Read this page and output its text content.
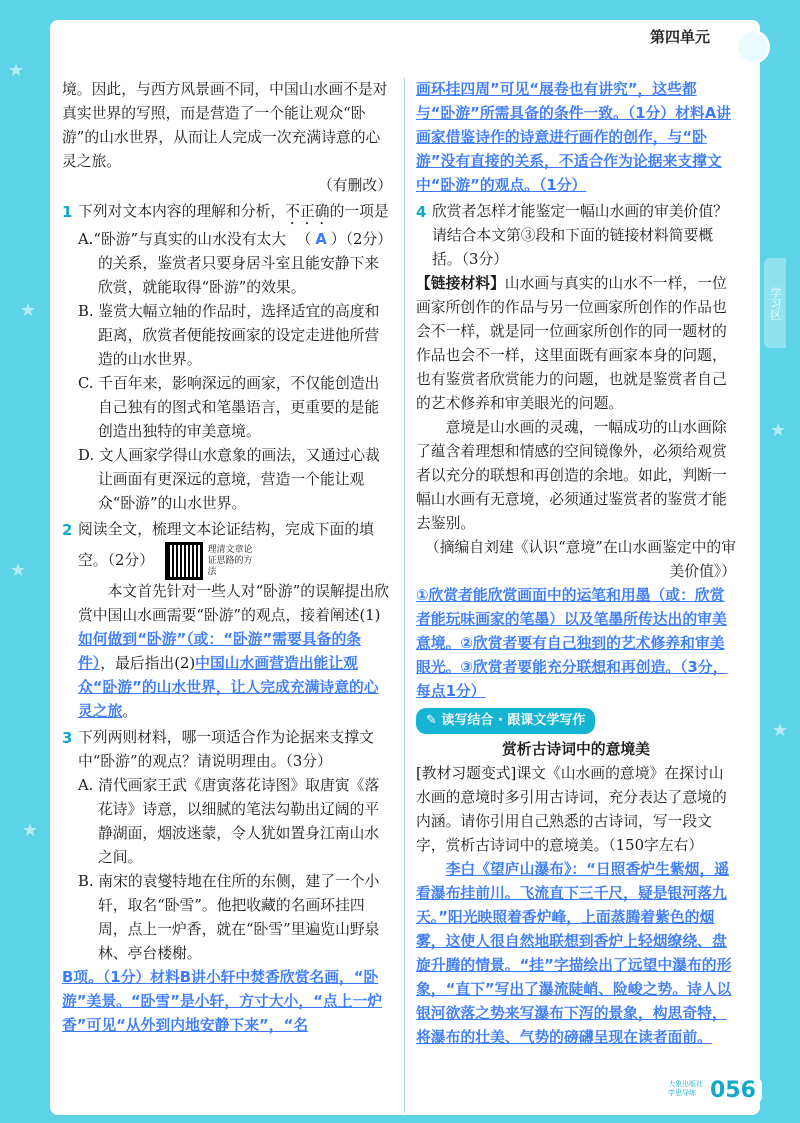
★
★
★
★
★
★
第四单元
学习区

境。因此，与西方风景画不同，中国山水画不是对真实世界的写照，而是营造了一个能让观众“卧游”的山水世界，从而让人完成一次充满诗意的心灵之旅。

（有删改）

1 下列对文本内容的理解和分析，不正确的一项是
（ A ）（2分）

A.“卧游”与真实的山水没有太大的关系，鉴赏者只要身居斗室且能安静下来欣赏，就能取得“卧游”的效果。

B. 鉴赏大幅立轴的作品时，选择适宜的高度和距离，欣赏者便能按画家的设定走进他所营造的山水世界。

C. 千百年来，影响深远的画家，不仅能创造出自己独有的图式和笔墨语言，更重要的是能创造出独特的审美意境。

D. 文人画家学得山水意象的画法，又通过心裁让画面有更深远的意境，营造一个能让观众“卧游”的山水世界。

2 阅读全文，梳理文本论证结构，完成下面的填空。（2分）  理清文章论证思路的方法

本文首先针对一些人对“卧游”的误解提出欣赏中国山水画需要“卧游”的观点，接着阐述(1)如何做到“卧游”（或：“卧游”需要具备的条件），最后指出(2)中国山水画营造出能让观众“卧游”的山水世界，让人完成充满诗意的心灵之旅。

3 下列两则材料，哪一项适合作为论据来支撑文中“卧游”的观点？请说明理由。（3分）

A. 清代画家王武《唐寅落花诗图》取唐寅《落花诗》诗意，以细腻的笔法勾勒出辽阔的平静湖面，烟波迷蒙，令人犹如置身江南山水之间。

B. 南宋的袁燮特地在住所的东侧，建了一个小轩，取名“卧雪”。他把收藏的名画环挂四周，点上一炉香，就在“卧雪”里遍览山野泉林、亭台楼榭。

B项。（1分）材料B讲小轩中焚香欣赏名画，“卧游”美景。“卧雪”是小轩，方寸大小，“点上一炉香”可见“从外到内地安静下来”，“名

画环挂四周”可见“展卷也有讲究”，这些都与“卧游”所需具备的条件一致。（1分）材料A讲画家借鉴诗作的诗意进行画作的创作，与“卧游”没有直接的关系，不适合作为论据来支撑文中“卧游”的观点。（1分）

4 欣赏者怎样才能鉴定一幅山水画的审美价值？请结合本文第③段和下面的链接材料简要概括。（3分）

【链接材料】山水画与真实的山水不一样，一位画家所创作的作品与另一位画家所创作的作品也会不一样，就是同一位画家所创作的同一题材的作品也会不一样，这里面既有画家本身的问题，也有鉴赏者欣赏能力的问题，也就是鉴赏者自己的艺术修养和审美眼光的问题。

意境是山水画的灵魂，一幅成功的山水画除了蕴含着理想和情感的空间镜像外，必须给观赏者以充分的联想和再创造的余地。如此，判断一幅山水画有无意境，必须通过鉴赏者的鉴赏才能去鉴别。

（摘编自刘建《认识“意境”在山水画鉴定中的审美价值》）

①欣赏者能欣赏画面中的运笔和用墨（或：欣赏者能玩味画家的笔墨）以及笔墨所传达出的审美意境。②欣赏者要有自己独到的艺术修养和审美眼光。③欣赏者要能充分联想和再创造。（3分，每点1分）

✎ 读写结合 · 跟课文学写作

赏析古诗词中的意境美

[教材习题变式]课文《山水画的意境》在探讨山水画的意境时多引用古诗词，充分表达了意境的内涵。请你引用自己熟悉的古诗词，写一段文字，赏析古诗词中的意境美。（150字左右）

李白《望庐山瀑布》：“日照香炉生紫烟，遥看瀑布挂前川。飞流直下三千尺，疑是银河落九天。”阳光映照着香炉峰，上面蒸腾着紫色的烟雾，这使人很自然地联想到香炉上轻烟缭绕、盘旋升腾的情景。“挂”字描绘出了远望中瀑布的形象，“直下”写出了瀑流陡峭、险峻之势。诗人以银河欲落之势来写瀑布下泻的景象，构思奇特，将瀑布的壮美、气势的磅礴呈现在读者面前。

大象出版社 学思导练 056
